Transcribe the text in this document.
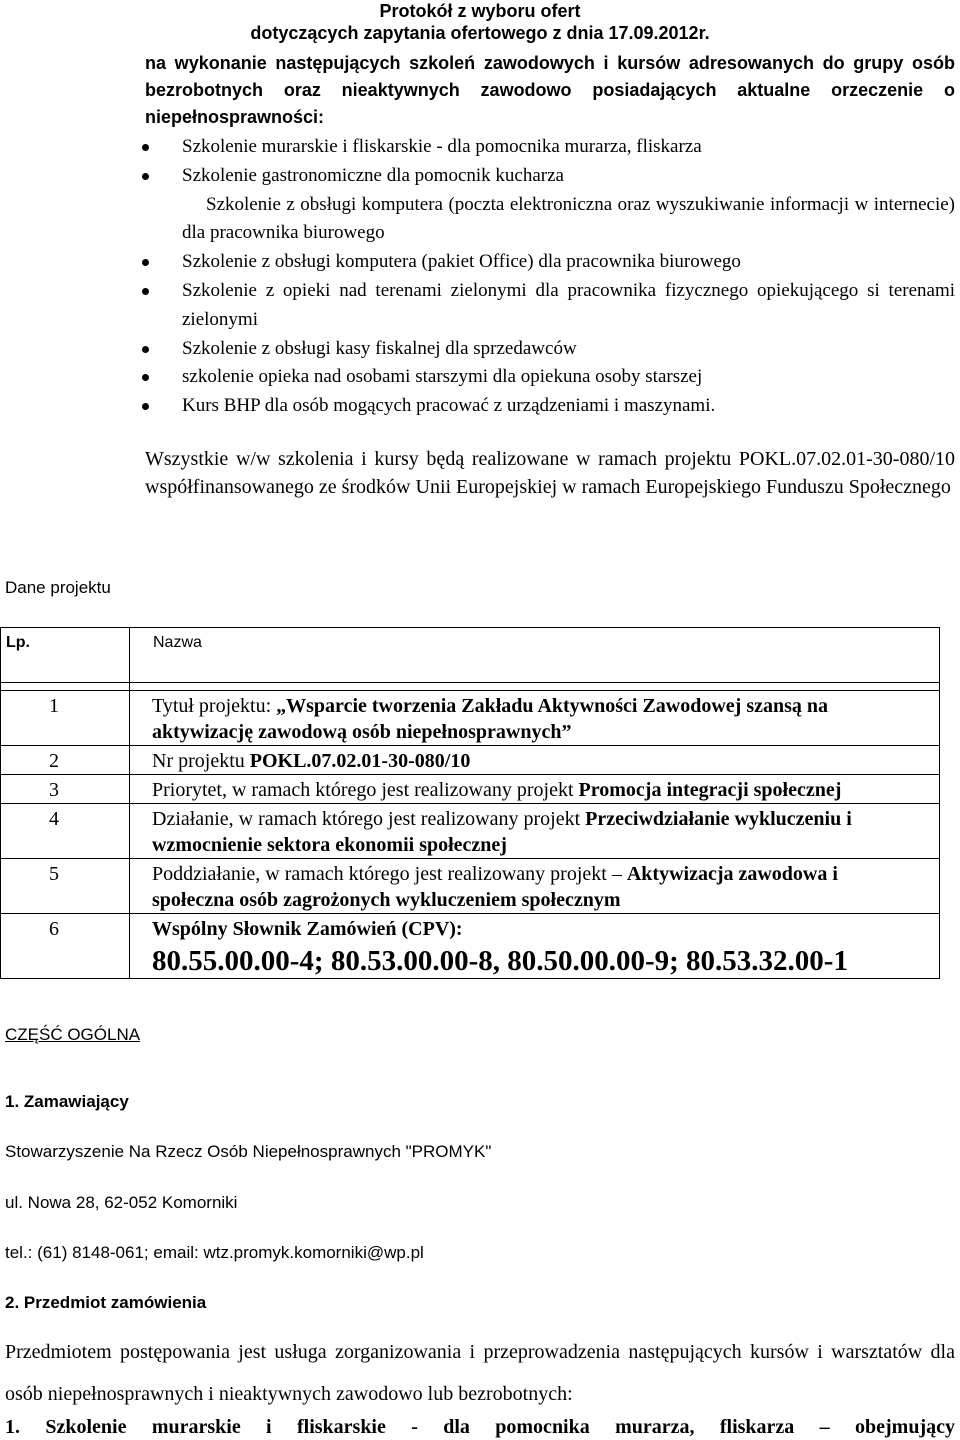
Protokół z wyboru ofert
dotyczących zapytania ofertowego z dnia 17.09.2012r.
na wykonanie następujących szkoleń zawodowych i kursów adresowanych do grupy osób bezrobotnych oraz nieaktywnych zawodowo posiadających aktualne orzeczenie o niepełnosprawności:
Szkolenie murarskie i fliskarskie - dla pomocnika murarza, fliskarza
Szkolenie gastronomiczne dla pomocnik kucharza
Szkolenie z obsługi komputera (poczta elektroniczna oraz wyszukiwanie informacji w internecie) dla pracownika biurowego
Szkolenie z obsługi komputera (pakiet Office) dla pracownika biurowego
Szkolenie z opieki nad terenami zielonymi dla pracownika fizycznego opiekującego si terenami zielonymi
Szkolenie z obsługi kasy fiskalnej dla sprzedawców
szkolenie opieka nad osobami starszymi dla opiekuna osoby starszej
Kurs BHP dla osób mogących pracować z urządzeniami i maszynami.
Wszystkie w/w szkolenia i kursy będą realizowane w ramach projektu POKL.07.02.01-30-080/10 współfinansowanego ze środków Unii Europejskiej w ramach Europejskiego Funduszu Społecznego
Dane projektu
Lp.	Nazwa

1	Tytuł projektu: „Wsparcie tworzenia Zakładu Aktywności Zawodowej szansą na aktywizację zawodową osób niepełnosprawnych”
2	Nr projektu POKL.07.02.01-30-080/10
3	Priorytet, w ramach którego jest realizowany projekt Promocja integracji społecznej
4	Działanie, w ramach którego jest realizowany projekt Przeciwdziałanie wykluczeniu i wzmocnienie sektora ekonomii społecznej
5	Poddziałanie, w ramach którego jest realizowany projekt – Aktywizacja zawodowa i społeczna osób zagrożonych wykluczeniem społecznym
6	Wspólny Słownik Zamówień (CPV):
80.55.00.00-4; 80.53.00.00-8, 80.50.00.00-9; 80.53.32.00-1
CZĘŚĆ OGÓLNA
1. Zamawiający
Stowarzyszenie Na Rzecz Osób Niepełnosprawnych "PROMYK"
ul. Nowa 28, 62-052 Komorniki
tel.: (61) 8148-061; email: wtz.promyk.komorniki@wp.pl
2. Przedmiot zamówienia
Przedmiotem postępowania jest usługa zorganizowania i przeprowadzenia następujących kursów i warsztatów dla osób niepełnosprawnych i nieaktywnych zawodowo lub bezrobotnych:
1. Szkolenie murarskie i fliskarskie - dla pomocnika murarza, fliskarza – obejmujący
